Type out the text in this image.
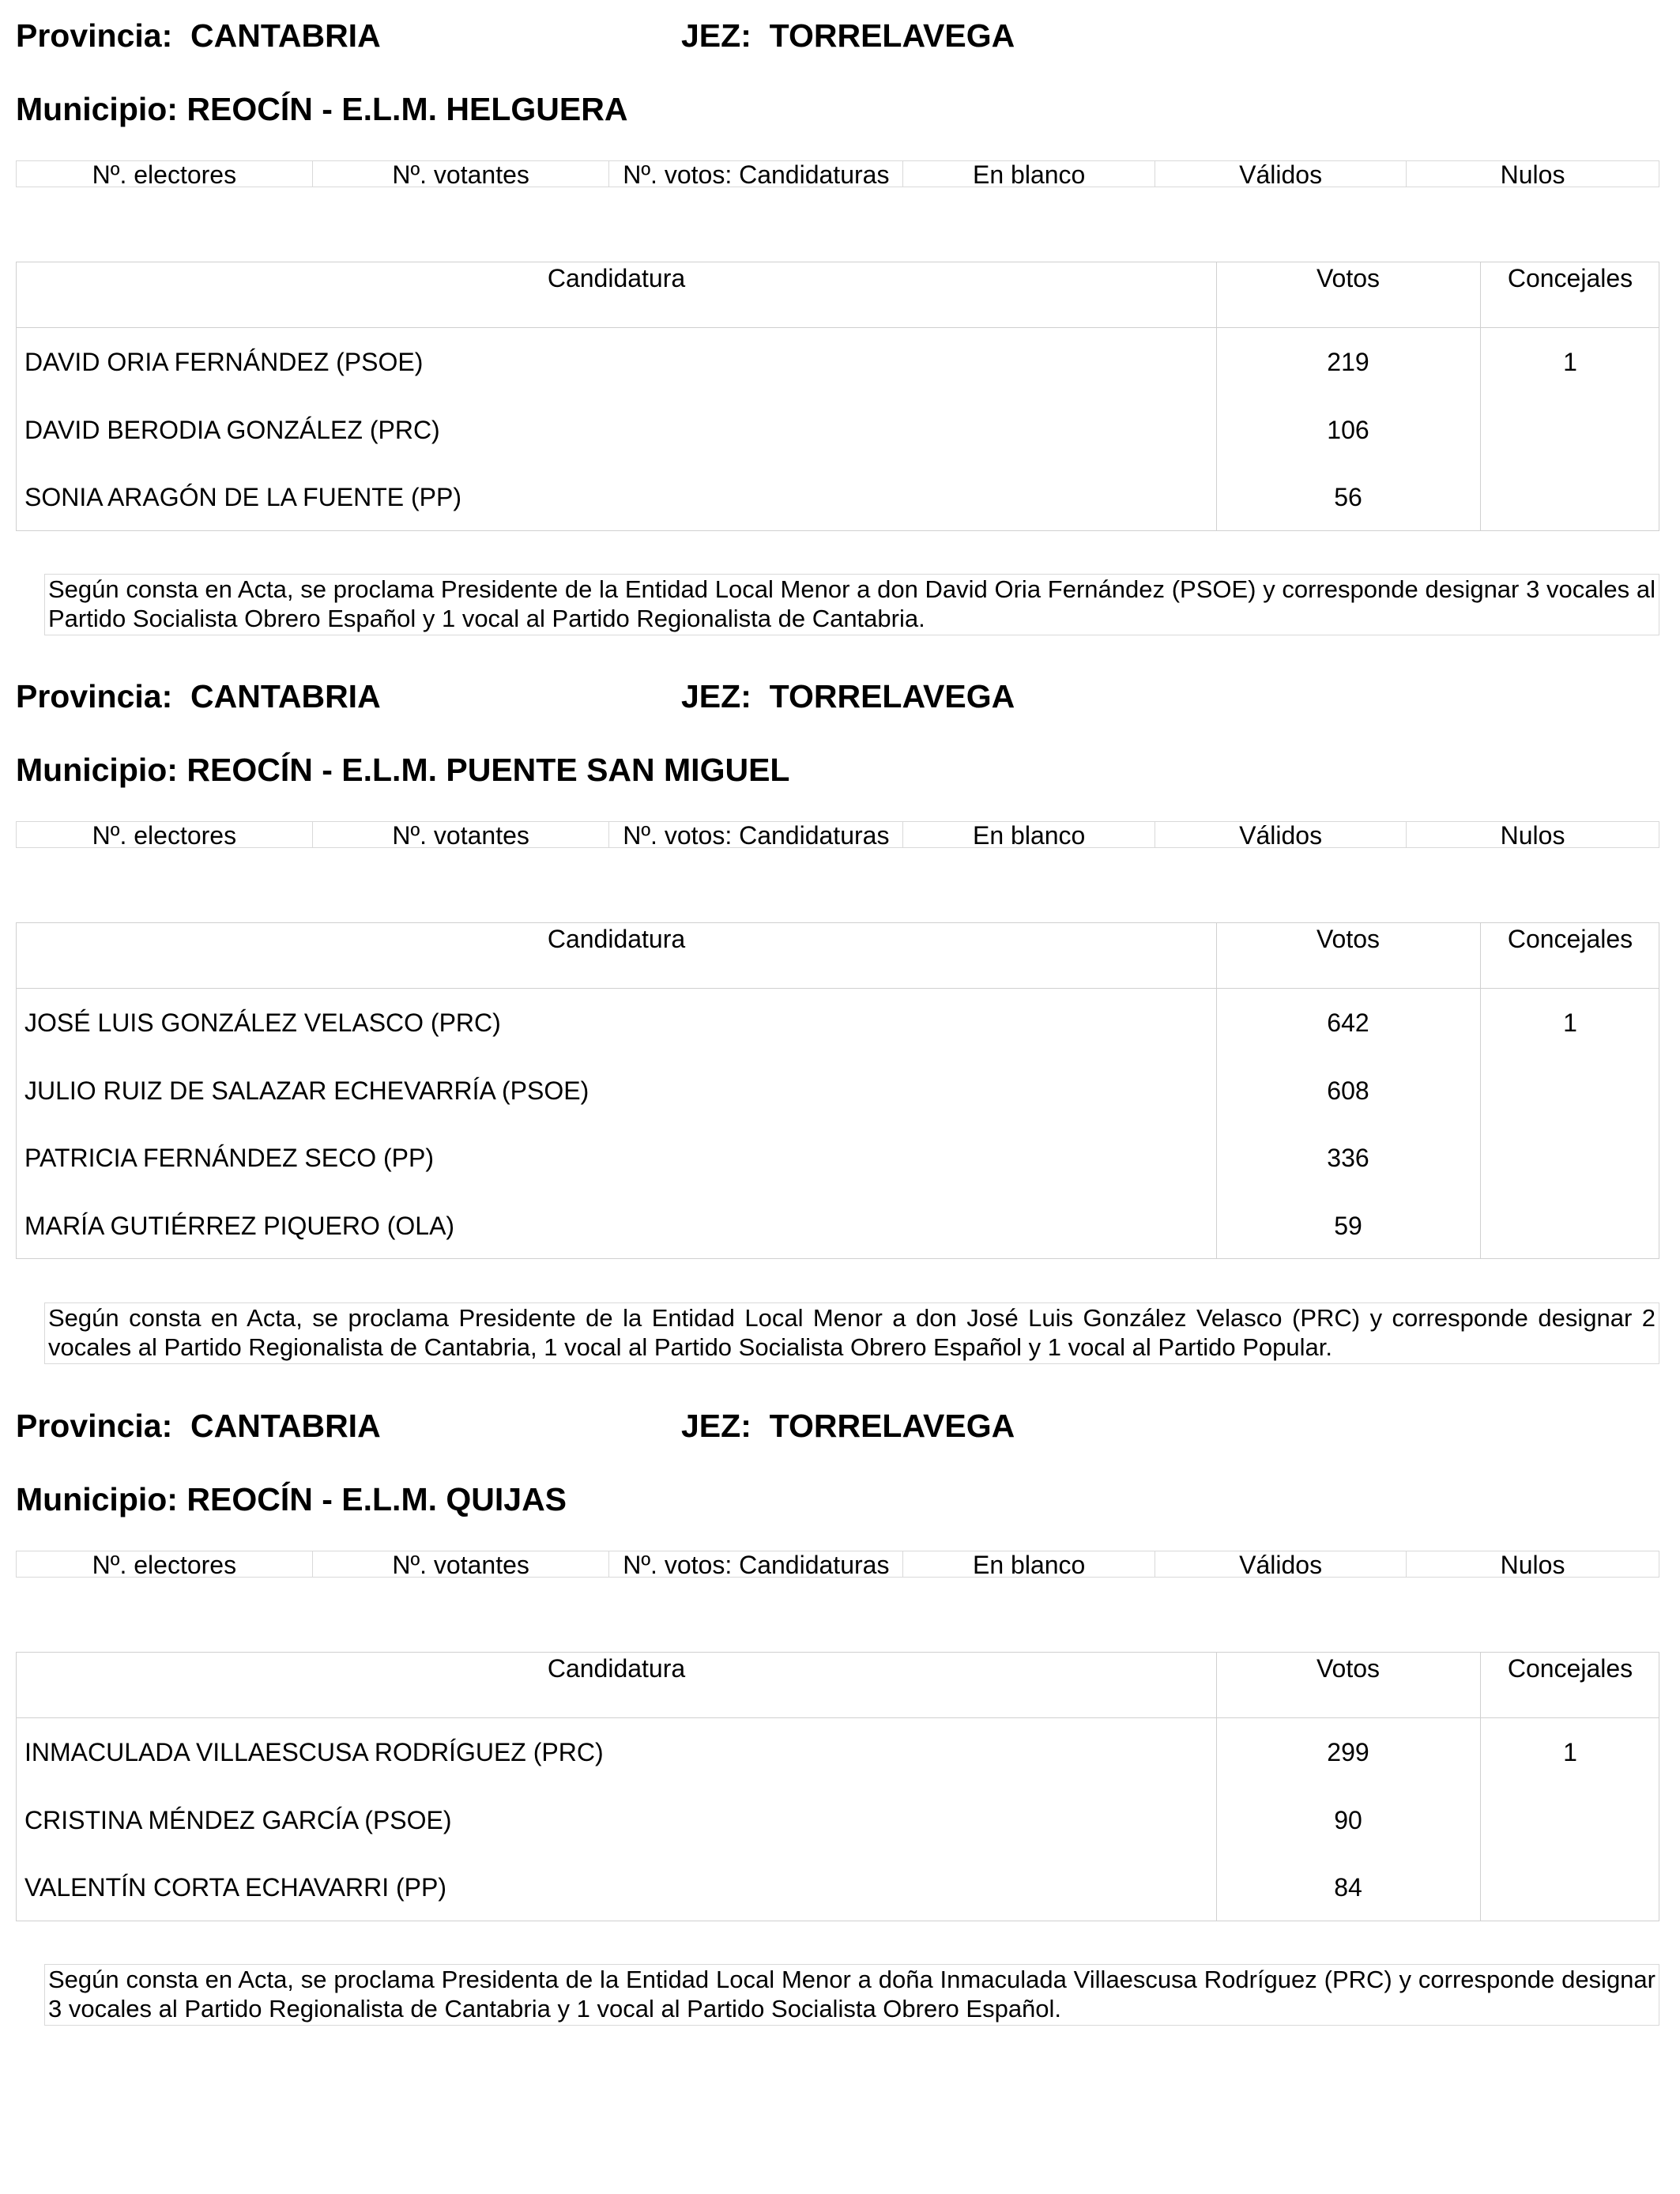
Provincia: CANTABRIA	JEZ: TORRELAVEGA
Municipio: REOCÍN - E.L.M. HELGUERA
Nº. electores	Nº. votantes	Nº. votos: Candidaturas	En blanco	Válidos	Nulos
Candidatura	Votos	Concejales
DAVID ORIA FERNÁNDEZ (PSOE)	219	1
DAVID BERODIA GONZÁLEZ (PRC)	106
SONIA ARAGÓN DE LA FUENTE (PP)	56
Según consta en Acta, se proclama Presidente de la Entidad Local Menor a don David Oria Fernández (PSOE) y corresponde designar 3 vocales al Partido Socialista Obrero Español y 1 vocal al Partido Regionalista de Cantabria.
Provincia: CANTABRIA	JEZ: TORRELAVEGA
Municipio: REOCÍN - E.L.M. PUENTE SAN MIGUEL
Nº. electores	Nº. votantes	Nº. votos: Candidaturas	En blanco	Válidos	Nulos
Candidatura	Votos	Concejales
JOSÉ LUIS GONZÁLEZ VELASCO (PRC)	642	1
JULIO RUIZ DE SALAZAR ECHEVARRÍA (PSOE)	608
PATRICIA FERNÁNDEZ SECO (PP)	336
MARÍA GUTIÉRREZ PIQUERO (OLA)	59
Según consta en Acta, se proclama Presidente de la Entidad Local Menor a don José Luis González Velasco (PRC) y corresponde designar 2 vocales al Partido Regionalista de Cantabria, 1 vocal al Partido Socialista Obrero Español y 1 vocal al Partido Popular.
Provincia: CANTABRIA	JEZ: TORRELAVEGA
Municipio: REOCÍN - E.L.M. QUIJAS
Nº. electores	Nº. votantes	Nº. votos: Candidaturas	En blanco	Válidos	Nulos
Candidatura	Votos	Concejales
INMACULADA VILLAESCUSA RODRÍGUEZ (PRC)	299	1
CRISTINA MÉNDEZ GARCÍA (PSOE)	90
VALENTÍN CORTA ECHAVARRI (PP)	84
Según consta en Acta, se proclama Presidenta de la Entidad Local Menor a doña Inmaculada Villaescusa Rodríguez (PRC) y corresponde designar 3 vocales al Partido Regionalista de Cantabria y 1 vocal al Partido Socialista Obrero Español.
